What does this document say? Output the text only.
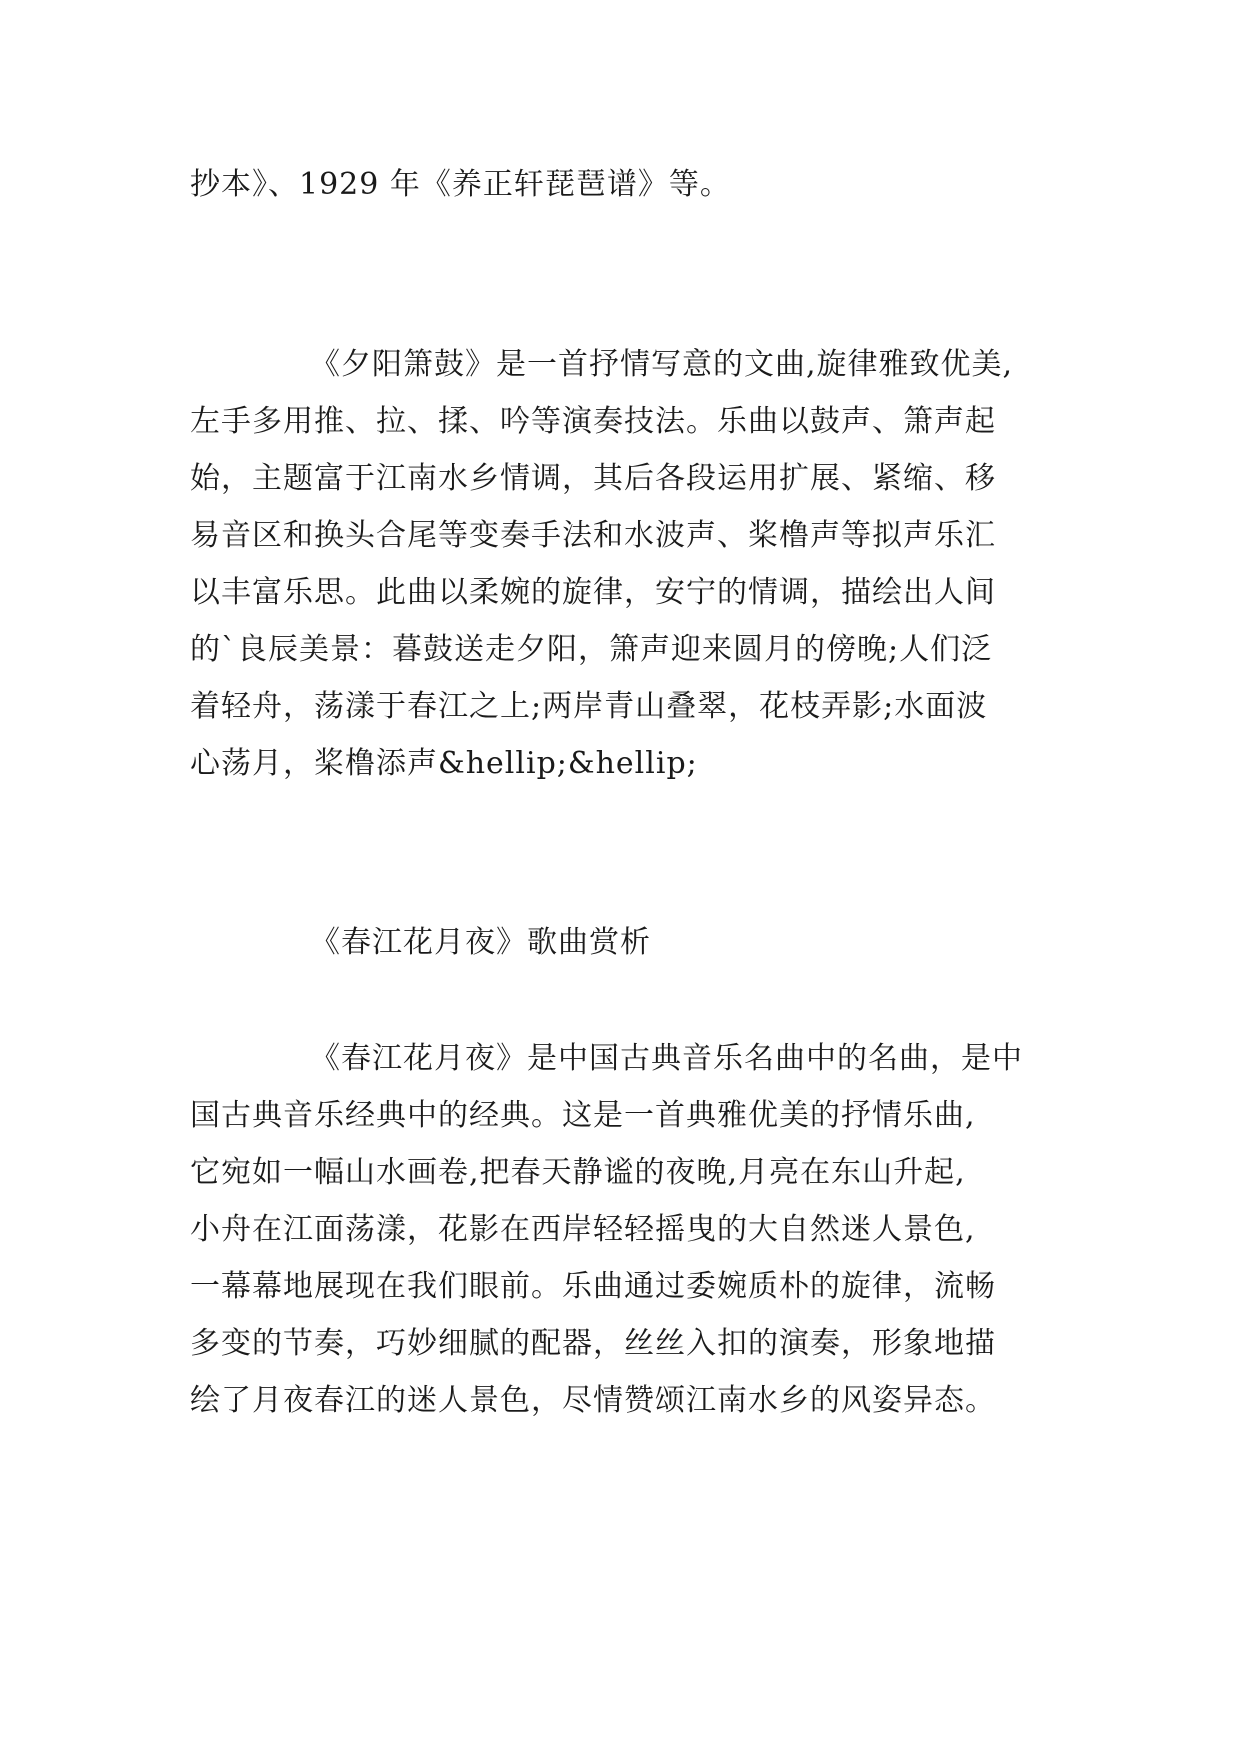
抄本》、1929 年《养正轩琵琶谱》等。
《夕阳箫鼓》是一首抒情写意的文曲,旋律雅致优美,
左手多用推、拉、揉、吟等演奏技法。乐曲以鼓声、箫声起
始，主题富于江南水乡情调，其后各段运用扩展、紧缩、移
易音区和换头合尾等变奏手法和水波声、桨橹声等拟声乐汇
以丰富乐思。此曲以柔婉的旋律，安宁的情调，描绘出人间
的`良辰美景：暮鼓送走夕阳，箫声迎来圆月的傍晚;人们泛
着轻舟，荡漾于春江之上;两岸青山叠翠，花枝弄影;水面波
心荡月，桨橹添声&hellip;&hellip;
《春江花月夜》歌曲赏析
《春江花月夜》是中国古典音乐名曲中的名曲，是中
国古典音乐经典中的经典。这是一首典雅优美的抒情乐曲,
它宛如一幅山水画卷,把春天静谧的夜晚,月亮在东山升起,
小舟在江面荡漾，花影在西岸轻轻摇曳的大自然迷人景色,
一幕幕地展现在我们眼前。乐曲通过委婉质朴的旋律，流畅
多变的节奏，巧妙细腻的配器，丝丝入扣的演奏，形象地描
绘了月夜春江的迷人景色，尽情赞颂江南水乡的风姿异态。
